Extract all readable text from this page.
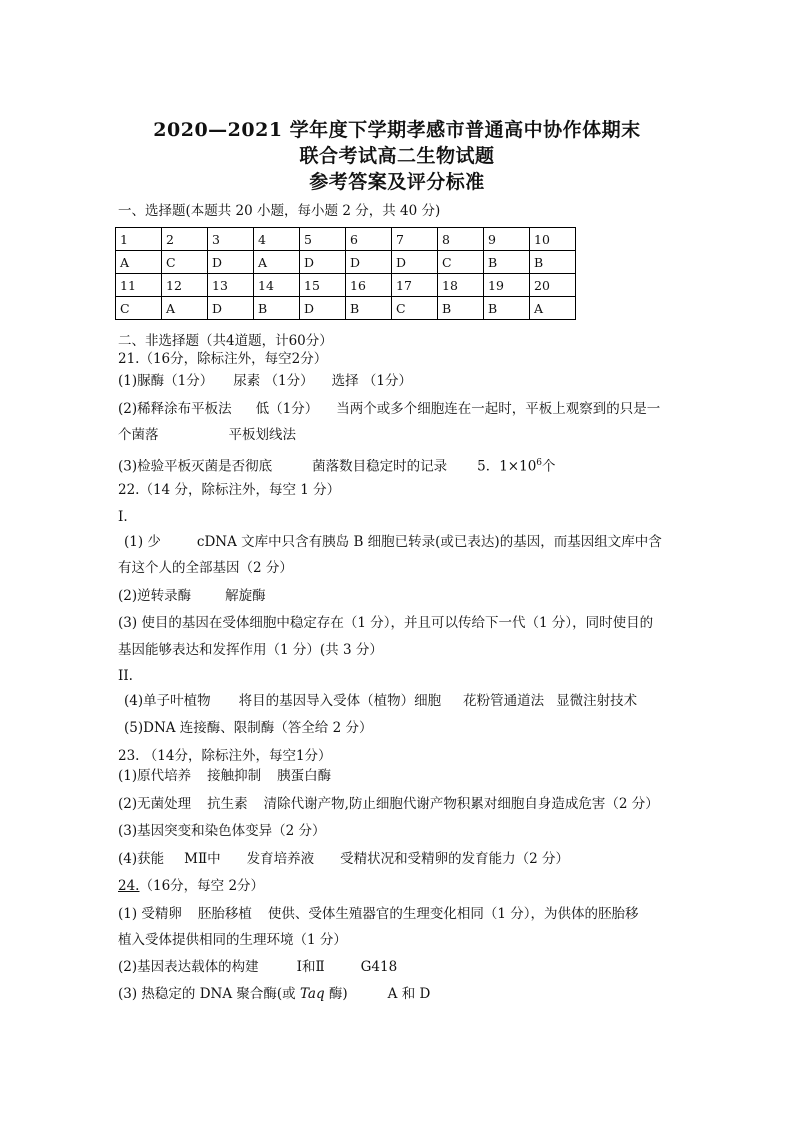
2020—2021 学年度下学期孝感市普通高中协作体期末
联合考试高二生物试题
参考答案及评分标准
一、选择题(本题共 20 小题，每小题 2 分，共 40 分)
1	2	3	4	5	6	7	8	9	10
A	C	D	A	D	D	D	C	B	B
11	12	13	14	15	16	17	18	19	20
C	A	D	B	D	B	C	B	B	A
二、非选择题（共4道题，计60分）
21.（16分，除标注外，每空2分）
(1)脲酶（1分） 尿素 （1分） 选择 （1分）
(2)稀释涂布平板法 低（1分） 当两个或多个细胞连在一起时，平板上观察到的只是一
个菌落	平板划线法
(3)检验平板灭菌是否彻底	菌落数目稳定时的记录 5．$1\times 10^6$个
22.（14 分，除标注外，每空 1 分）
I.
(1) 少	cDNA 文库中只含有胰岛 B 细胞已转录(或已表达)的基因，而基因组文库中含
有这个人的全部基因（2 分）
(2)逆转录酶	解旋酶
(3) 使目的基因在受体细胞中稳定存在（1 分），并且可以传给下一代（1 分），同时使目的
基因能够表达和发挥作用（1 分）(共 3 分）
II.
(4)单子叶植物 将目的基因导入受体（植物）细胞 花粉管通道法 显微注射技术
(5)DNA 连接酶、限制酶（答全给 2 分）
23. （14分，除标注外，每空1分）
(1)原代培养 接触抑制 胰蛋白酶
(2)无菌处理 抗生素 清除代谢产物,防止细胞代谢产物积累对细胞自身造成危害（2 分）
(3)基因突变和染色体变异（2 分）
(4)获能 MⅡ中 发育培养液 受精状况和受精卵的发育能力（2 分）
24.（16分，每空 2分）
(1) 受精卵 胚胎移植 使供、受体生殖器官的生理变化相同（1 分），为供体的胚胎移
植入受体提供相同的生理环境（1 分）
(2)基因表达载体的构建	Ⅰ和Ⅱ	G418
(3) 热稳定的 DNA 聚合酶(或 Taq 酶)	A 和 D
